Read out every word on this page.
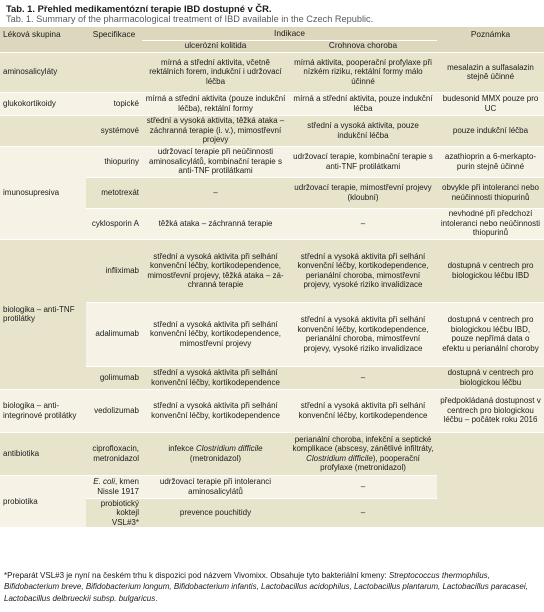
Tab. 1. Přehled medikamentózní terapie IBD dostupné v ČR.
Tab. 1. Summary of the pharmacological treatment of IBD available in the Czech Republic.
Léková skupina	Specifikace	Indikace		Poznámka
		ulcerózní kolitida	Crohnova choroba	
aminosalicyláty		mírná a střední aktivita, včetně rektálních forem, indukční i udržovací léčba	mírná aktivita, pooperační profylaxe při nízkém riziku, rektální formy málo účinné	mesalazin a sulfasalazin stejně účinné
glukokortikoidy	topické	mírná a střední aktivita (pouze indukční léčba), rektální formy	mírná a střední aktivita, pouze indukční léčba	budesonid MMX pouze pro UC
	systémové	střední a vysoká aktivita, těžká ataka – záchranná terapie (i. v.), mimostřevní projevy	střední a vysoká aktivita, pouze indukční léčba	pouze indukční léčba
imunosupresiva	thiopuriny	udržovací terapie při neúčinnosti aminosalicylátů, kombinační terapie s anti-TNF protilátkami	udržovací terapie, kombinační terapie s anti-TNF protilátkami	azathioprin a 6-merkaptopurin stejně účinné
	metotrexát	–	udržovací terapie, mimostřevní projevy (kloubní)	obvykle při intoleranci nebo neúčinnosti thiopurinů
	cyklosporin A	těžká ataka – záchranná terapie	–	nevhodné při předchozí intoleranci nebo neúčinnosti thiopurinů
biologika – anti-TNF protilátky	infliximab	střední a vysoká aktivita při selhání konvenční léčby, kortikodependence, mimostřevní projevy, těžká ataka – záchranná terapie	střední a vysoká aktivita při selhání konvenční léčby, kortikodependence, perianální choroba, mimostřevní projevy, vysoké riziko invalidizace	dostupná v centrech pro biologickou léčbu IBD
	adalimumab	střední a vysoká aktivita při selhání konvenční léčby, kortikodependence, mimostřevní projevy	střední a vysoká aktivita při selhání konvenční léčby, kortikodependence, perianální choroba, mimostřevní projevy, vysoké riziko invalidizace	dostupná v centrech pro biologickou léčbu IBD, pouze nepřímá data o efektu u perianální choroby
	golimumab	střední a vysoká aktivita při selhání konvenční léčby, kortikodependence	–	dostupná v centrech pro biologickou léčbu
biologika – anti-integrinové protilátky	vedolizumab	střední a vysoká aktivita při selhání konvenční léčby, kortikodependence	střední a vysoká aktivita při selhání konvenční léčby, kortikodependence	předpokládaná dostupnost v centrech pro biologickou léčbu – počátek roku 2016
antibiotika	ciprofloxacin, metronidazol	infekce Clostridium difficile (metronidazol)	perianální choroba, infekční a septické komplikace (abscesy, zánětlivé infiltráty, Clostridium difficile), pooperační profylaxe (metronidazol)	
probiotika	E. coli, kmen Nissle 1917	udržovací terapie při intoleranci aminosalicylátů	–	
	probiotický koktejl VSL#3*	prevence pouchitidy	–	
*Preparát VSL#3 je nyní na českém trhu k dispozici pod názvem Vivomixx. Obsahuje tyto bakteriální kmeny: Streptococcus thermophilus, Bifidobacterium breve, Bifidobacterium longum, Bifidobacterium infantis, Lactobacillus acidophilus, Lactobacillus plantarum, Lactobacillus paracasei, Lactobacillus delbrueckii subsp. bulgaricus.
